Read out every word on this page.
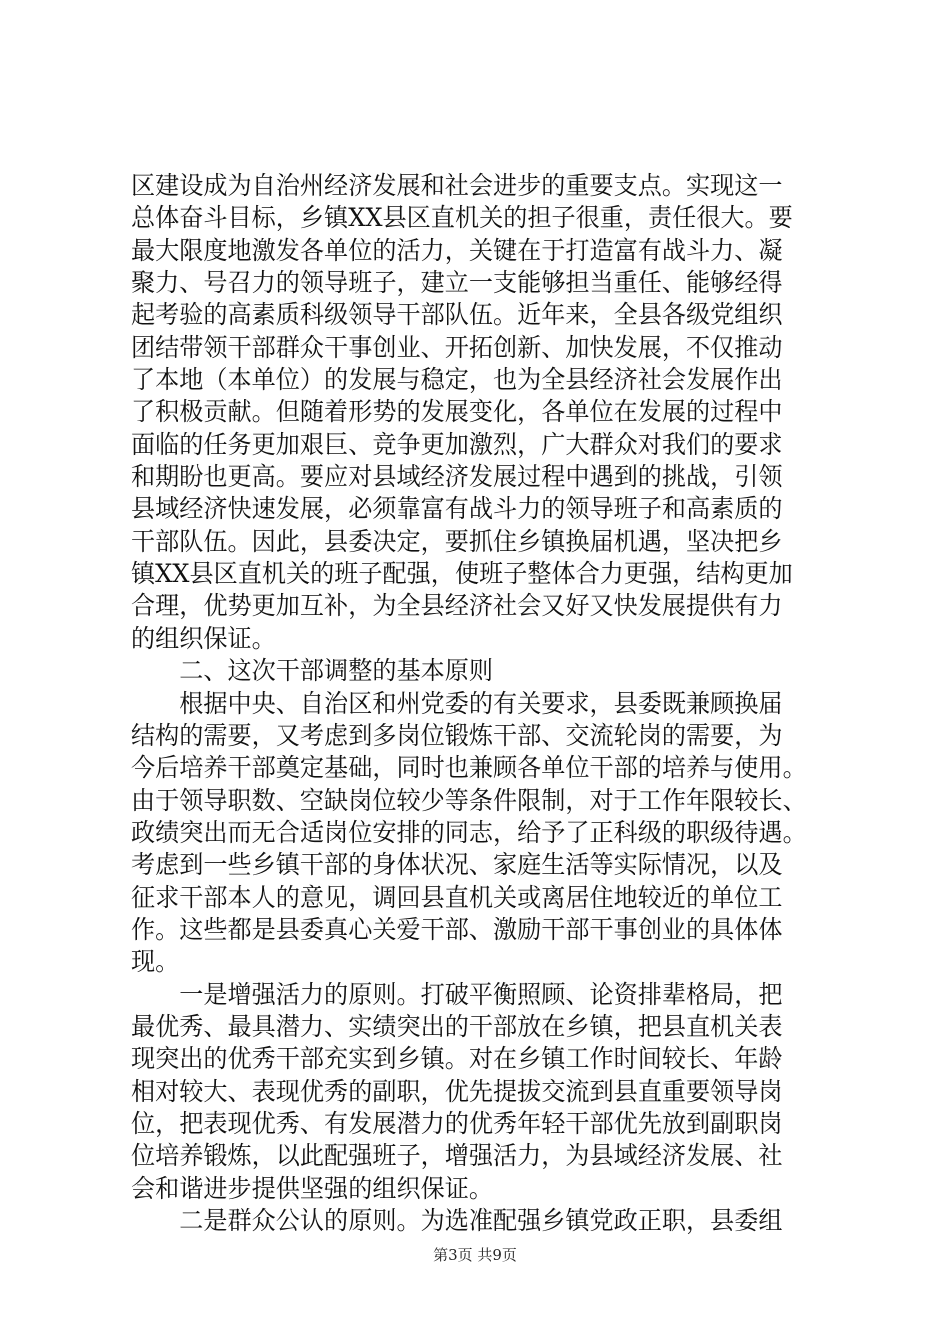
区建设成为自治州经济发展和社会进步的重要支点。实现这一
总体奋斗目标，乡镇XX县区直机关的担子很重，责任很大。要
最大限度地激发各单位的活力，关键在于打造富有战斗力、凝
聚力、号召力的领导班子，建立一支能够担当重任、能够经得
起考验的高素质科级领导干部队伍。近年来，全县各级党组织
团结带领干部群众干事创业、开拓创新、加快发展，不仅推动
了本地（本单位）的发展与稳定，也为全县经济社会发展作出
了积极贡献。但随着形势的发展变化，各单位在发展的过程中
面临的任务更加艰巨、竞争更加激烈，广大群众对我们的要求
和期盼也更高。要应对县域经济发展过程中遇到的挑战，引领
县域经济快速发展，必须靠富有战斗力的领导班子和高素质的
干部队伍。因此，县委决定，要抓住乡镇换届机遇，坚决把乡
镇XX县区直机关的班子配强，使班子整体合力更强，结构更加
合理，优势更加互补，为全县经济社会又好又快发展提供有力
的组织保证。
　　二、这次干部调整的基本原则
　　根据中央、自治区和州党委的有关要求，县委既兼顾换届
结构的需要，又考虑到多岗位锻炼干部、交流轮岗的需要，为
今后培养干部奠定基础，同时也兼顾各单位干部的培养与使用。
由于领导职数、空缺岗位较少等条件限制，对于工作年限较长、
政绩突出而无合适岗位安排的同志，给予了正科级的职级待遇。
考虑到一些乡镇干部的身体状况、家庭生活等实际情况，以及
征求干部本人的意见，调回县直机关或离居住地较近的单位工
作。这些都是县委真心关爱干部、激励干部干事创业的具体体
现。
　　一是增强活力的原则。打破平衡照顾、论资排辈格局，把
最优秀、最具潜力、实绩突出的干部放在乡镇，把县直机关表
现突出的优秀干部充实到乡镇。对在乡镇工作时间较长、年龄
相对较大、表现优秀的副职，优先提拔交流到县直重要领导岗
位，把表现优秀、有发展潜力的优秀年轻干部优先放到副职岗
位培养锻炼，以此配强班子，增强活力，为县域经济发展、社
会和谐进步提供坚强的组织保证。
　　二是群众公认的原则。为选准配强乡镇党政正职，县委组
第3页 共9页
